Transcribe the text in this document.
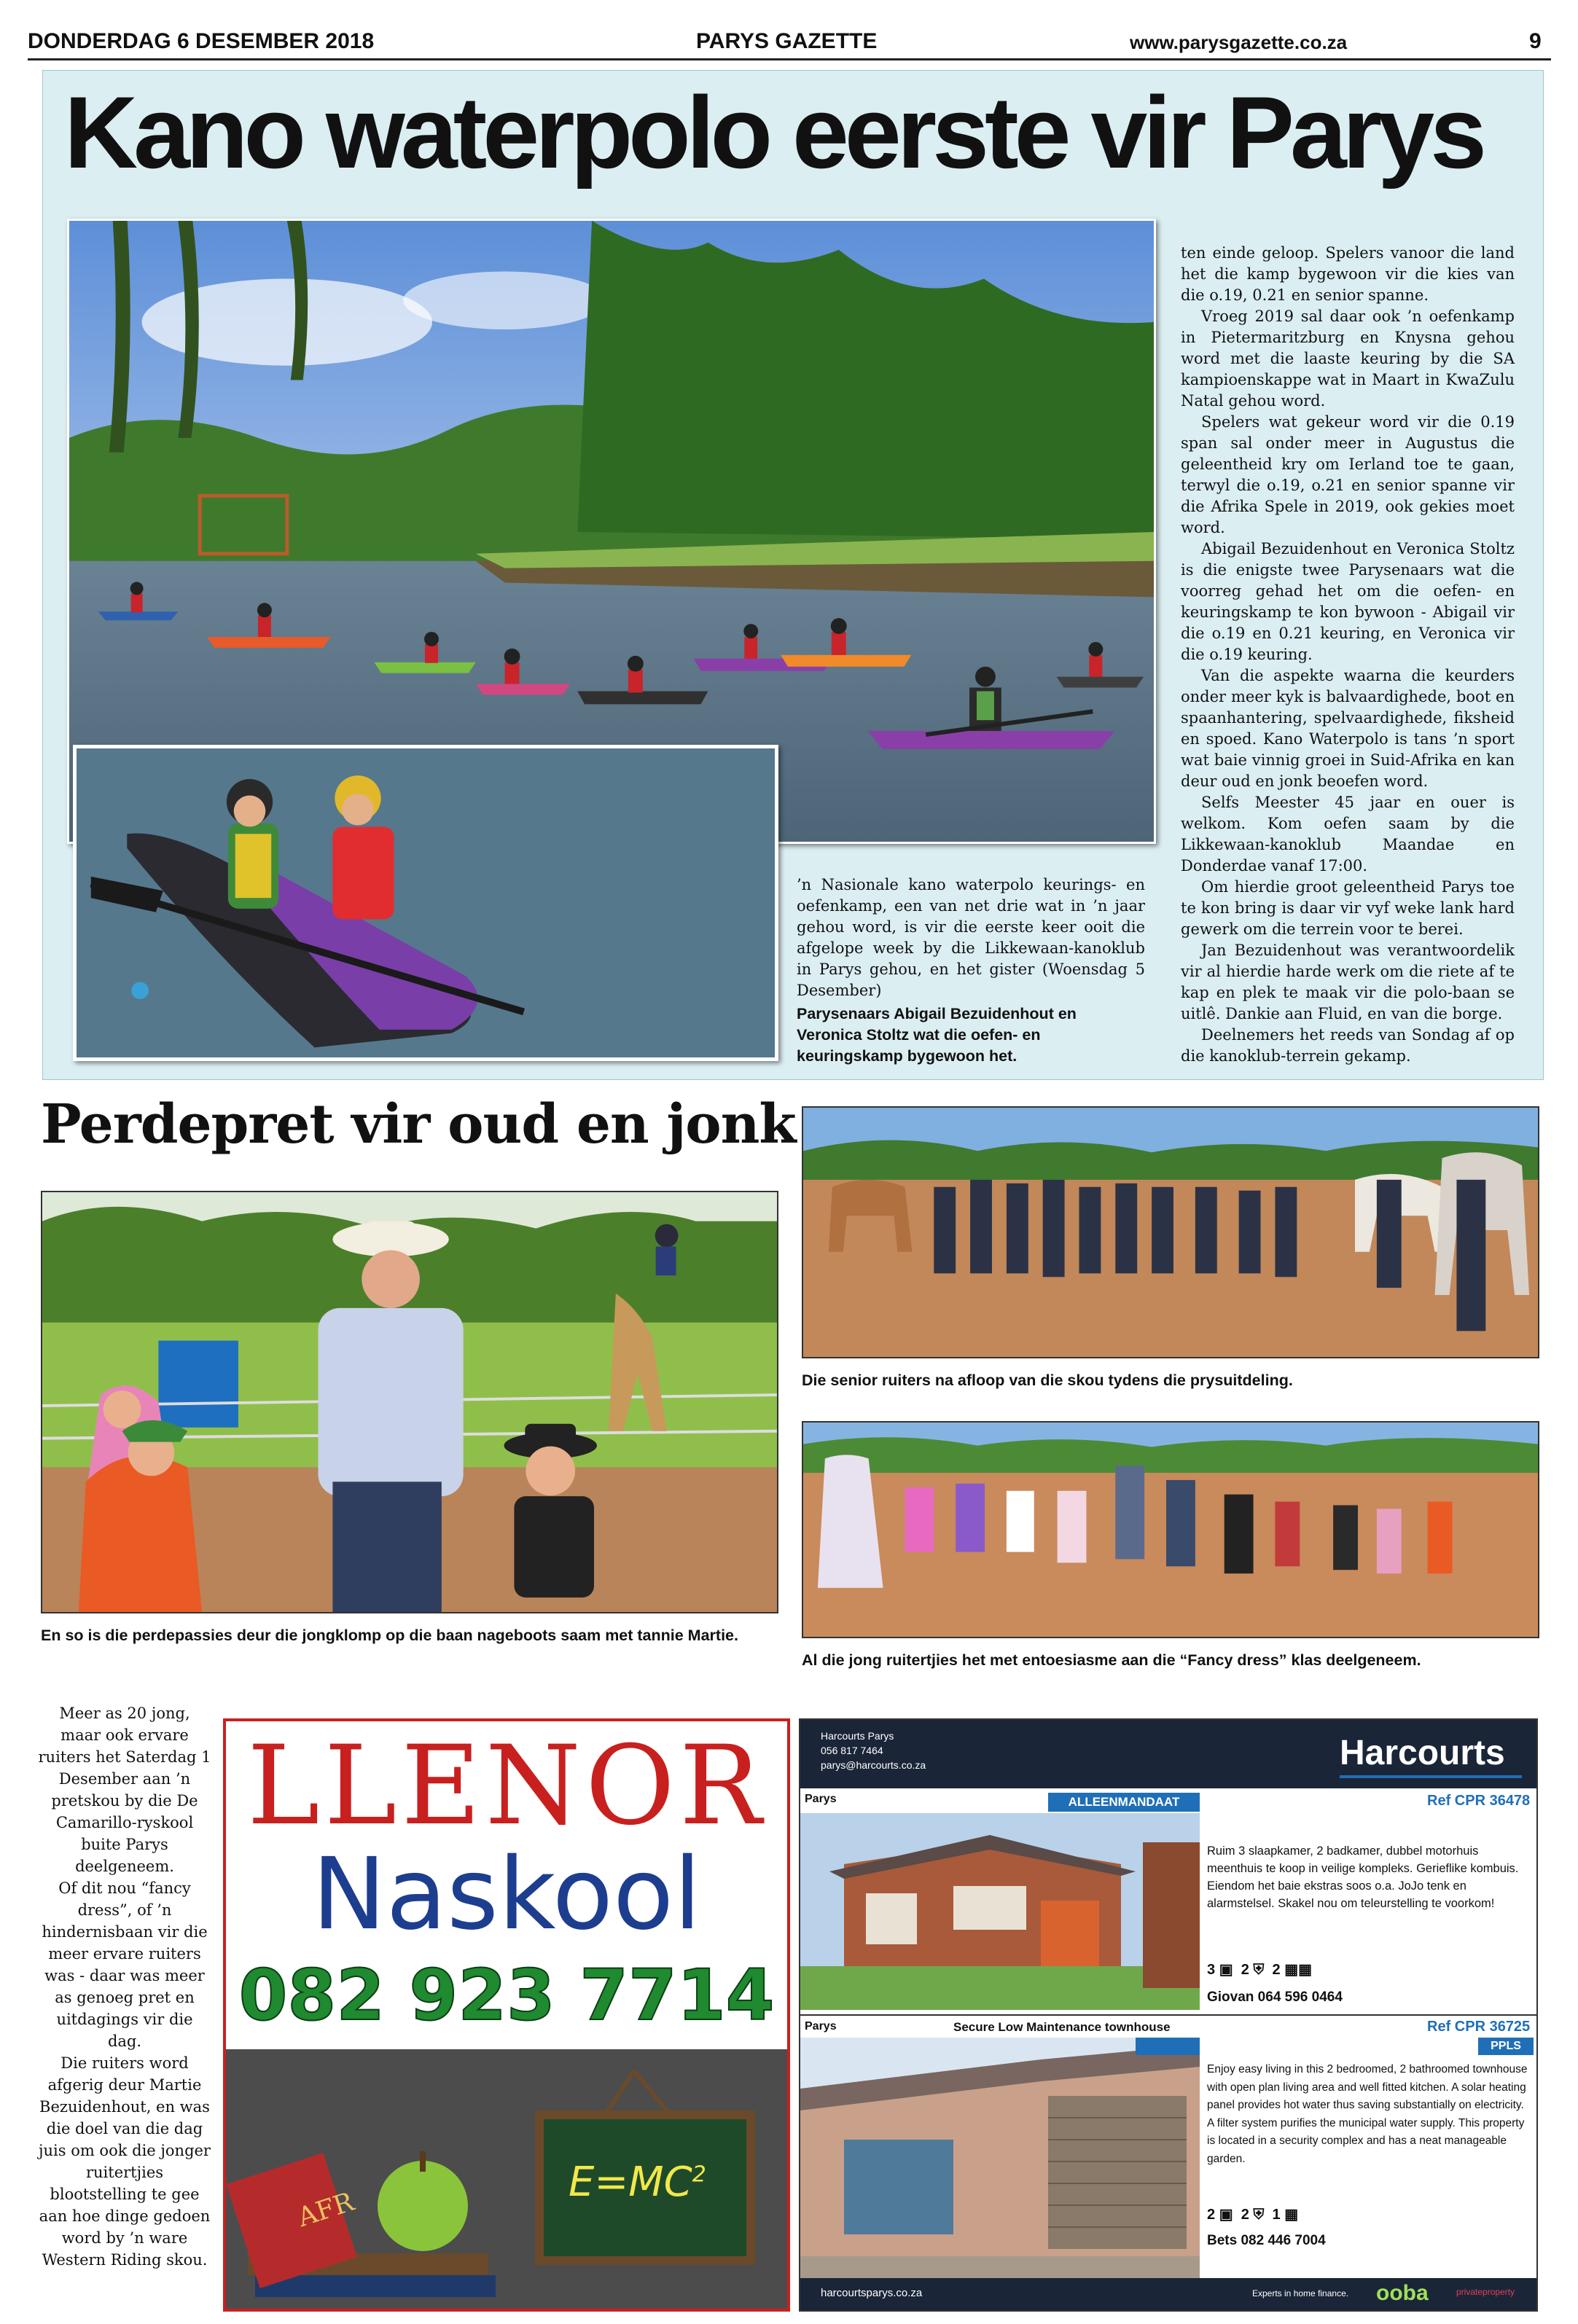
DONDERDAG 6 DESEMBER 2018	PARYS GAZETTE	www.parysgazette.co.za	9
Kano waterpolo eerste vir Parys
’n Nasionale kano waterpolo keurings- en oefenkamp, een van net drie wat in ’n jaar gehou word, is vir die eerste keer ooit die afgelope week by die Likkewaan-kanoklub in Parys gehou, en het gister (Woensdag 5 Desember)
Parysenaars Abigail Bezuidenhout en Veronica Stoltz wat die oefen- en keuringskamp bygewoon het.

ten einde geloop. Spelers vanoor die land het die kamp bygewoon vir die kies van die o.19, 0.21 en senior spanne.

Vroeg 2019 sal daar ook ’n oefenkamp in Pietermaritzburg en Knysna gehou word met die laaste keuring by die SA kampioenskappe wat in Maart in KwaZulu Natal gehou word.

Spelers wat gekeur word vir die 0.19 span sal onder meer in Augustus die geleentheid kry om Ierland toe te gaan, terwyl die o.19, o.21 en senior spanne vir die Afrika Spele in 2019, ook gekies moet word.

Abigail Bezuidenhout en Veronica Stoltz is die enigste twee Parysenaars wat die voorreg gehad het om die oefen- en keuringskamp te kon bywoon - Abigail vir die o.19 en 0.21 keuring, en Veronica vir die o.19 keuring.

Van die aspekte waarna die keurders onder meer kyk is balvaardighede, boot en spaanhantering, spelvaardighede, fiksheid en spoed. Kano Waterpolo is tans ’n sport wat baie vinnig groei in Suid-Afrika en kan deur oud en jonk beoefen word.

Selfs Meester 45 jaar en ouer is welkom. Kom oefen saam by die Likkewaan-kanoklub Maandae en Donderdae vanaf 17:00.

Om hierdie groot geleentheid Parys toe te kon bring is daar vir vyf weke lank hard gewerk om die terrein voor te berei.

Jan Bezuidenhout was verantwoordelik vir al hierdie harde werk om die riete af te kap en plek te maak vir die polo-baan se uitlê. Dankie aan Fluid, en van die borge.

Deelnemers het reeds van Sondag af op die kanoklub-terrein gekamp.

Perdepret vir oud en jonk
En so is die perdepassies deur die jongklomp op die baan nageboots saam met tannie Martie.
Die senior ruiters na afloop van die skou tydens die prysuitdeling.
Al die jong ruitertjies het met entoesiasme aan die “Fancy dress” klas deelgeneem.

Meer as 20 jong, maar ook ervare ruiters het Saterdag 1 Desember aan ’n pretskou by die De Camarillo-ryskool buite Parys deelgeneem.

Of dit nou “fancy dress”, of ’n hindernisbaan vir die meer ervare ruiters was - daar was meer as genoeg pret en uitdagings vir die dag.

Die ruiters word afgerig deur Martie Bezuidenhout, en was die doel van die dag juis om ook die jonger ruitertjies blootstelling te gee aan hoe dinge gedoen word by ’n ware Western Riding skou.

LLENOR
Naskool
082 923 7714
AFR
$E=MC^2$
Harcourts Parys
056 817 7464
parys@harcourts.co.za	Harcourts
Parys	ALLEENMANDAAT	Ref CPR 36478
Ruim 3 slaapkamer, 2 badkamer, dubbel motorhuis meenthuis te koop in veilige kompleks. Gerieflike kombuis. Eiendom het baie ekstras soos o.a. JoJo tenk en alarmstelsel. Skakel nou om teleurstelling te voorkom!
3 ▣ 2 ⛨ 2 ▦▦
Giovan 064 596 0464
Parys	Secure Low Maintenance townhouse	Ref CPR 36725
PPLS
Enjoy easy living in this 2 bedroomed, 2 bathroomed townhouse with open plan living area and well fitted kitchen. A solar heating panel provides hot water thus saving substantially on electricity. A filter system purifies the municipal water supply. This property is located in a security complex and has a neat manageable garden.
2 ▣ 2 ⛨ 1 ▦
Bets 082 446 7004
harcourtsparys.co.za	Experts in home finance. ooba	privateproperty
